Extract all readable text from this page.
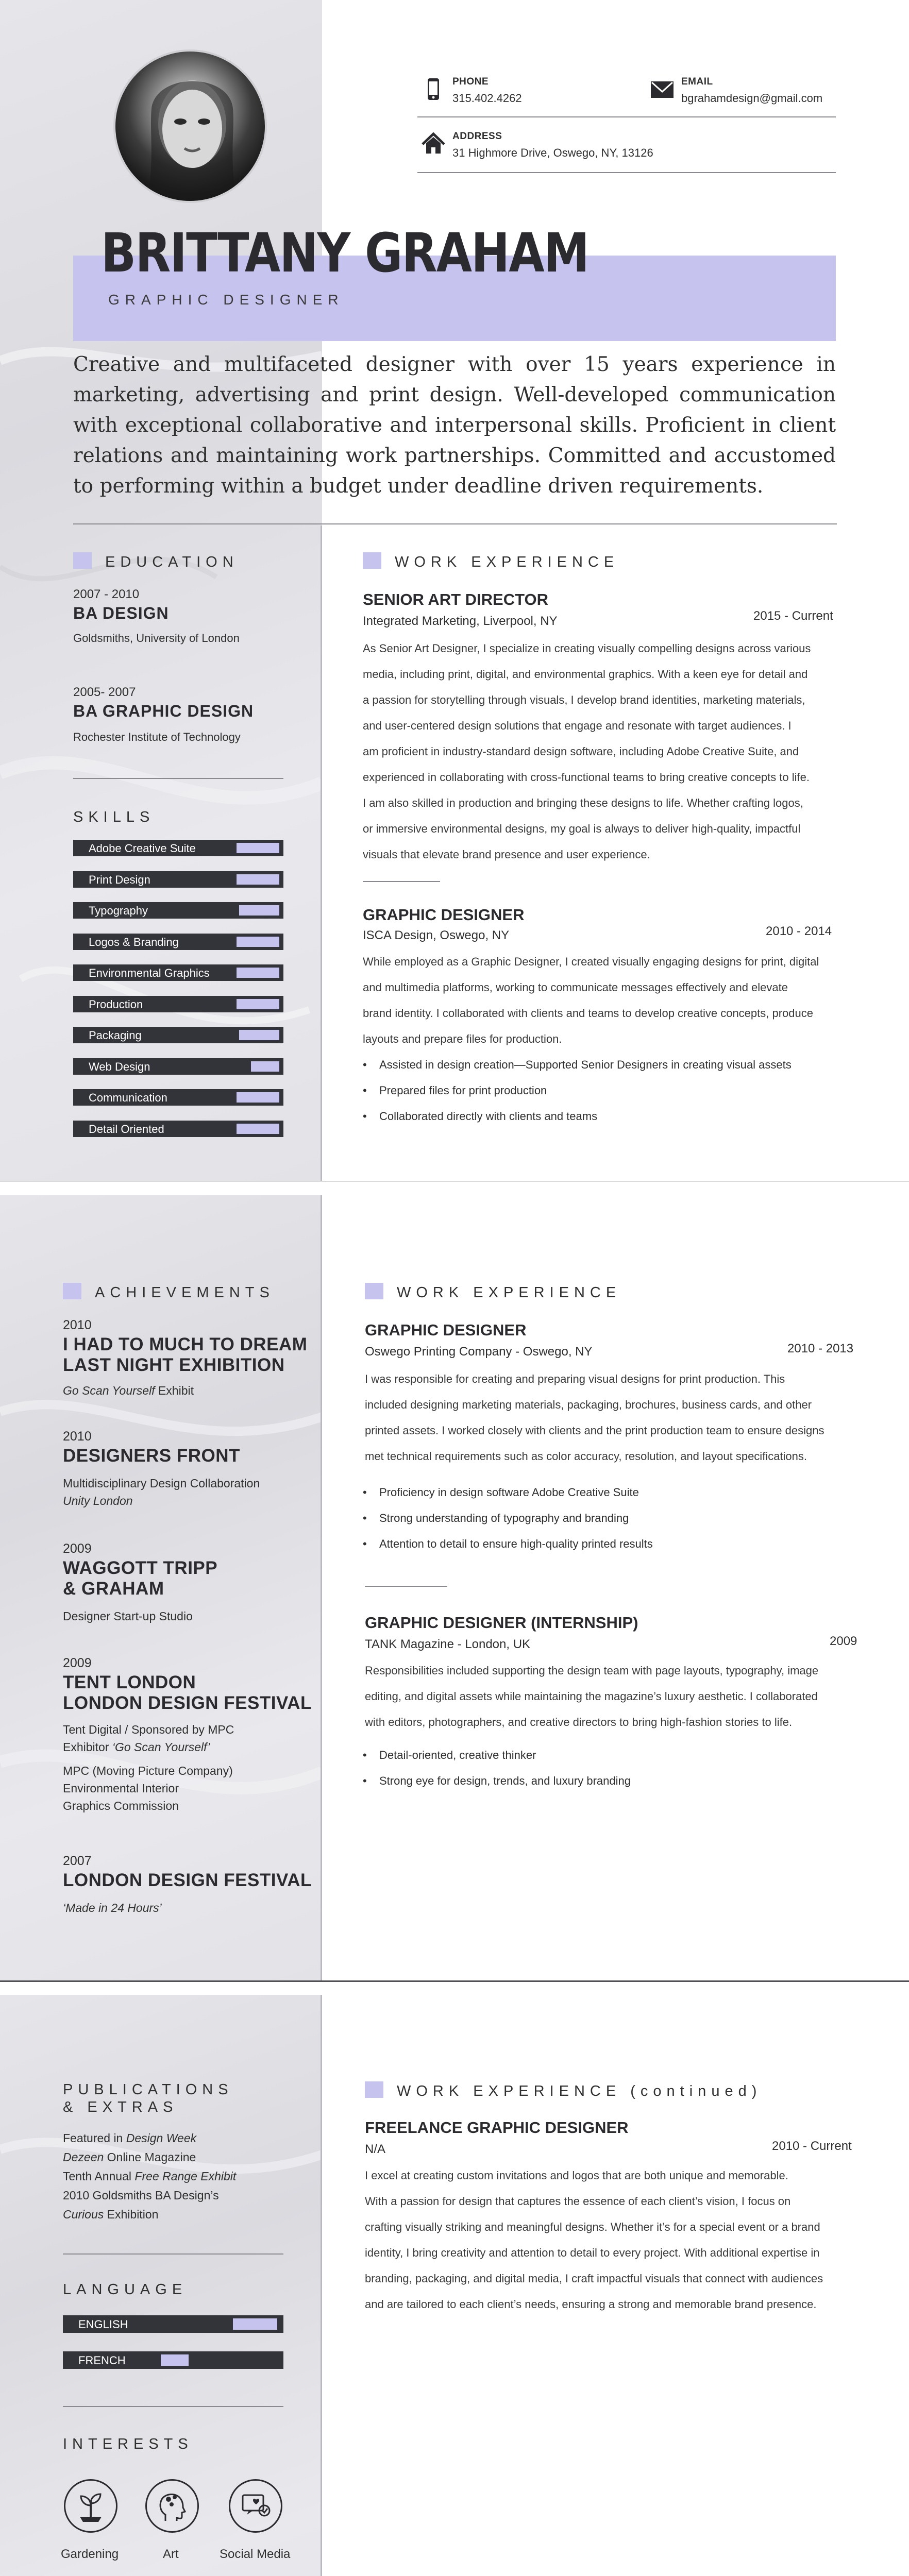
PHONE
315.402.4262
EMAIL
bgrahamdesign@gmail.com
ADDRESS
31 Highmore Drive, Oswego, NY, 13126
BRITTANY GRAHAM
GRAPHIC DESIGNER
Creative and multifaceted designer with over 15 years experience in marketing, advertising and print design. Well-developed communication with exceptional collaborative and interpersonal skills. Proficient in client relations and maintaining work partnerships. Committed and accustomed to performing within a budget under deadline driven requirements.
EDUCATION
2007 - 2010
BA DESIGN
Goldsmiths, University of London
2005- 2007
BA GRAPHIC DESIGN
Rochester Institute of Technology
SKILLS
Adobe Creative Suite
Print Design
Typography
Logos & Branding
Environmental Graphics
Production
Packaging
Web Design
Communication
Detail Oriented
WORK EXPERIENCE
SENIOR ART DIRECTOR
Integrated Marketing, Liverpool, NY	2015 - Current
As Senior Art Designer, I specialize in creating visually compelling designs across various
media, including print, digital, and environmental graphics. With a keen eye for detail and
a passion for storytelling through visuals, I develop brand identities, marketing materials,
and user-centered design solutions that engage and resonate with target audiences. I
am proficient in industry-standard design software, including Adobe Creative Suite, and
experienced in collaborating with cross-functional teams to bring creative concepts to life.
I am also skilled in production and bringing these designs to life. Whether crafting logos,
or immersive environmental designs, my goal is always to deliver high-quality, impactful
visuals that elevate brand presence and user experience.
GRAPHIC DESIGNER
ISCA Design, Oswego, NY	2010 - 2014
While employed as a Graphic Designer, I created visually engaging designs for print, digital
and multimedia platforms, working to communicate messages effectively and elevate
brand identity. I collaborated with clients and teams to develop creative concepts, produce
layouts and prepare files for production.
• Assisted in design creation—Supported Senior Designers in creating visual assets
• Prepared files for print production
• Collaborated directly with clients and teams
ACHIEVEMENTS
2010
I HAD TO MUCH TO DREAM
LAST NIGHT EXHIBITION
Go Scan Yourself Exhibit
2010
DESIGNERS FRONT
Multidisciplinary Design Collaboration
Unity London
2009
WAGGOTT TRIPP
& GRAHAM
Designer Start-up Studio
2009
TENT LONDON
LONDON DESIGN FESTIVAL
Tent Digital / Sponsored by MPC
Exhibitor ‘Go Scan Yourself’
MPC (Moving Picture Company)
Environmental Interior
Graphics Commission
2007
LONDON DESIGN FESTIVAL
‘Made in 24 Hours’
WORK EXPERIENCE
GRAPHIC DESIGNER
Oswego Printing Company - Oswego, NY	2010 - 2013
I was responsible for creating and preparing visual designs for print production. This
included designing marketing materials, packaging, brochures, business cards, and other
printed assets. I worked closely with clients and the print production team to ensure designs
met technical requirements such as color accuracy, resolution, and layout specifications.
• Proficiency in design software Adobe Creative Suite
• Strong understanding of typography and branding
• Attention to detail to ensure high-quality printed results
GRAPHIC DESIGNER (INTERNSHIP)
TANK Magazine - London, UK	2009
Responsibilities included supporting the design team with page layouts, typography, image
editing, and digital assets while maintaining the magazine’s luxury aesthetic. I collaborated
with editors, photographers, and creative directors to bring high-fashion stories to life.
• Detail-oriented, creative thinker
• Strong eye for design, trends, and luxury branding
PUBLICATIONS
& EXTRAS
Featured in Design Week
Dezeen Online Magazine
Tenth Annual Free Range Exhibit
2010 Goldsmiths BA Design’s
Curious Exhibition
LANGUAGE
ENGLISH
FRENCH
INTERESTS
Gardening	Art	Social Media
WORK EXPERIENCE (continued)
FREELANCE GRAPHIC DESIGNER
N/A	2010 - Current
I excel at creating custom invitations and logos that are both unique and memorable.
With a passion for design that captures the essence of each client’s vision, I focus on
crafting visually striking and meaningful designs. Whether it’s for a special event or a brand
identity, I bring creativity and attention to detail to every project. With additional expertise in
branding, packaging, and digital media, I craft impactful visuals that connect with audiences
and are tailored to each client’s needs, ensuring a strong and memorable brand presence.
